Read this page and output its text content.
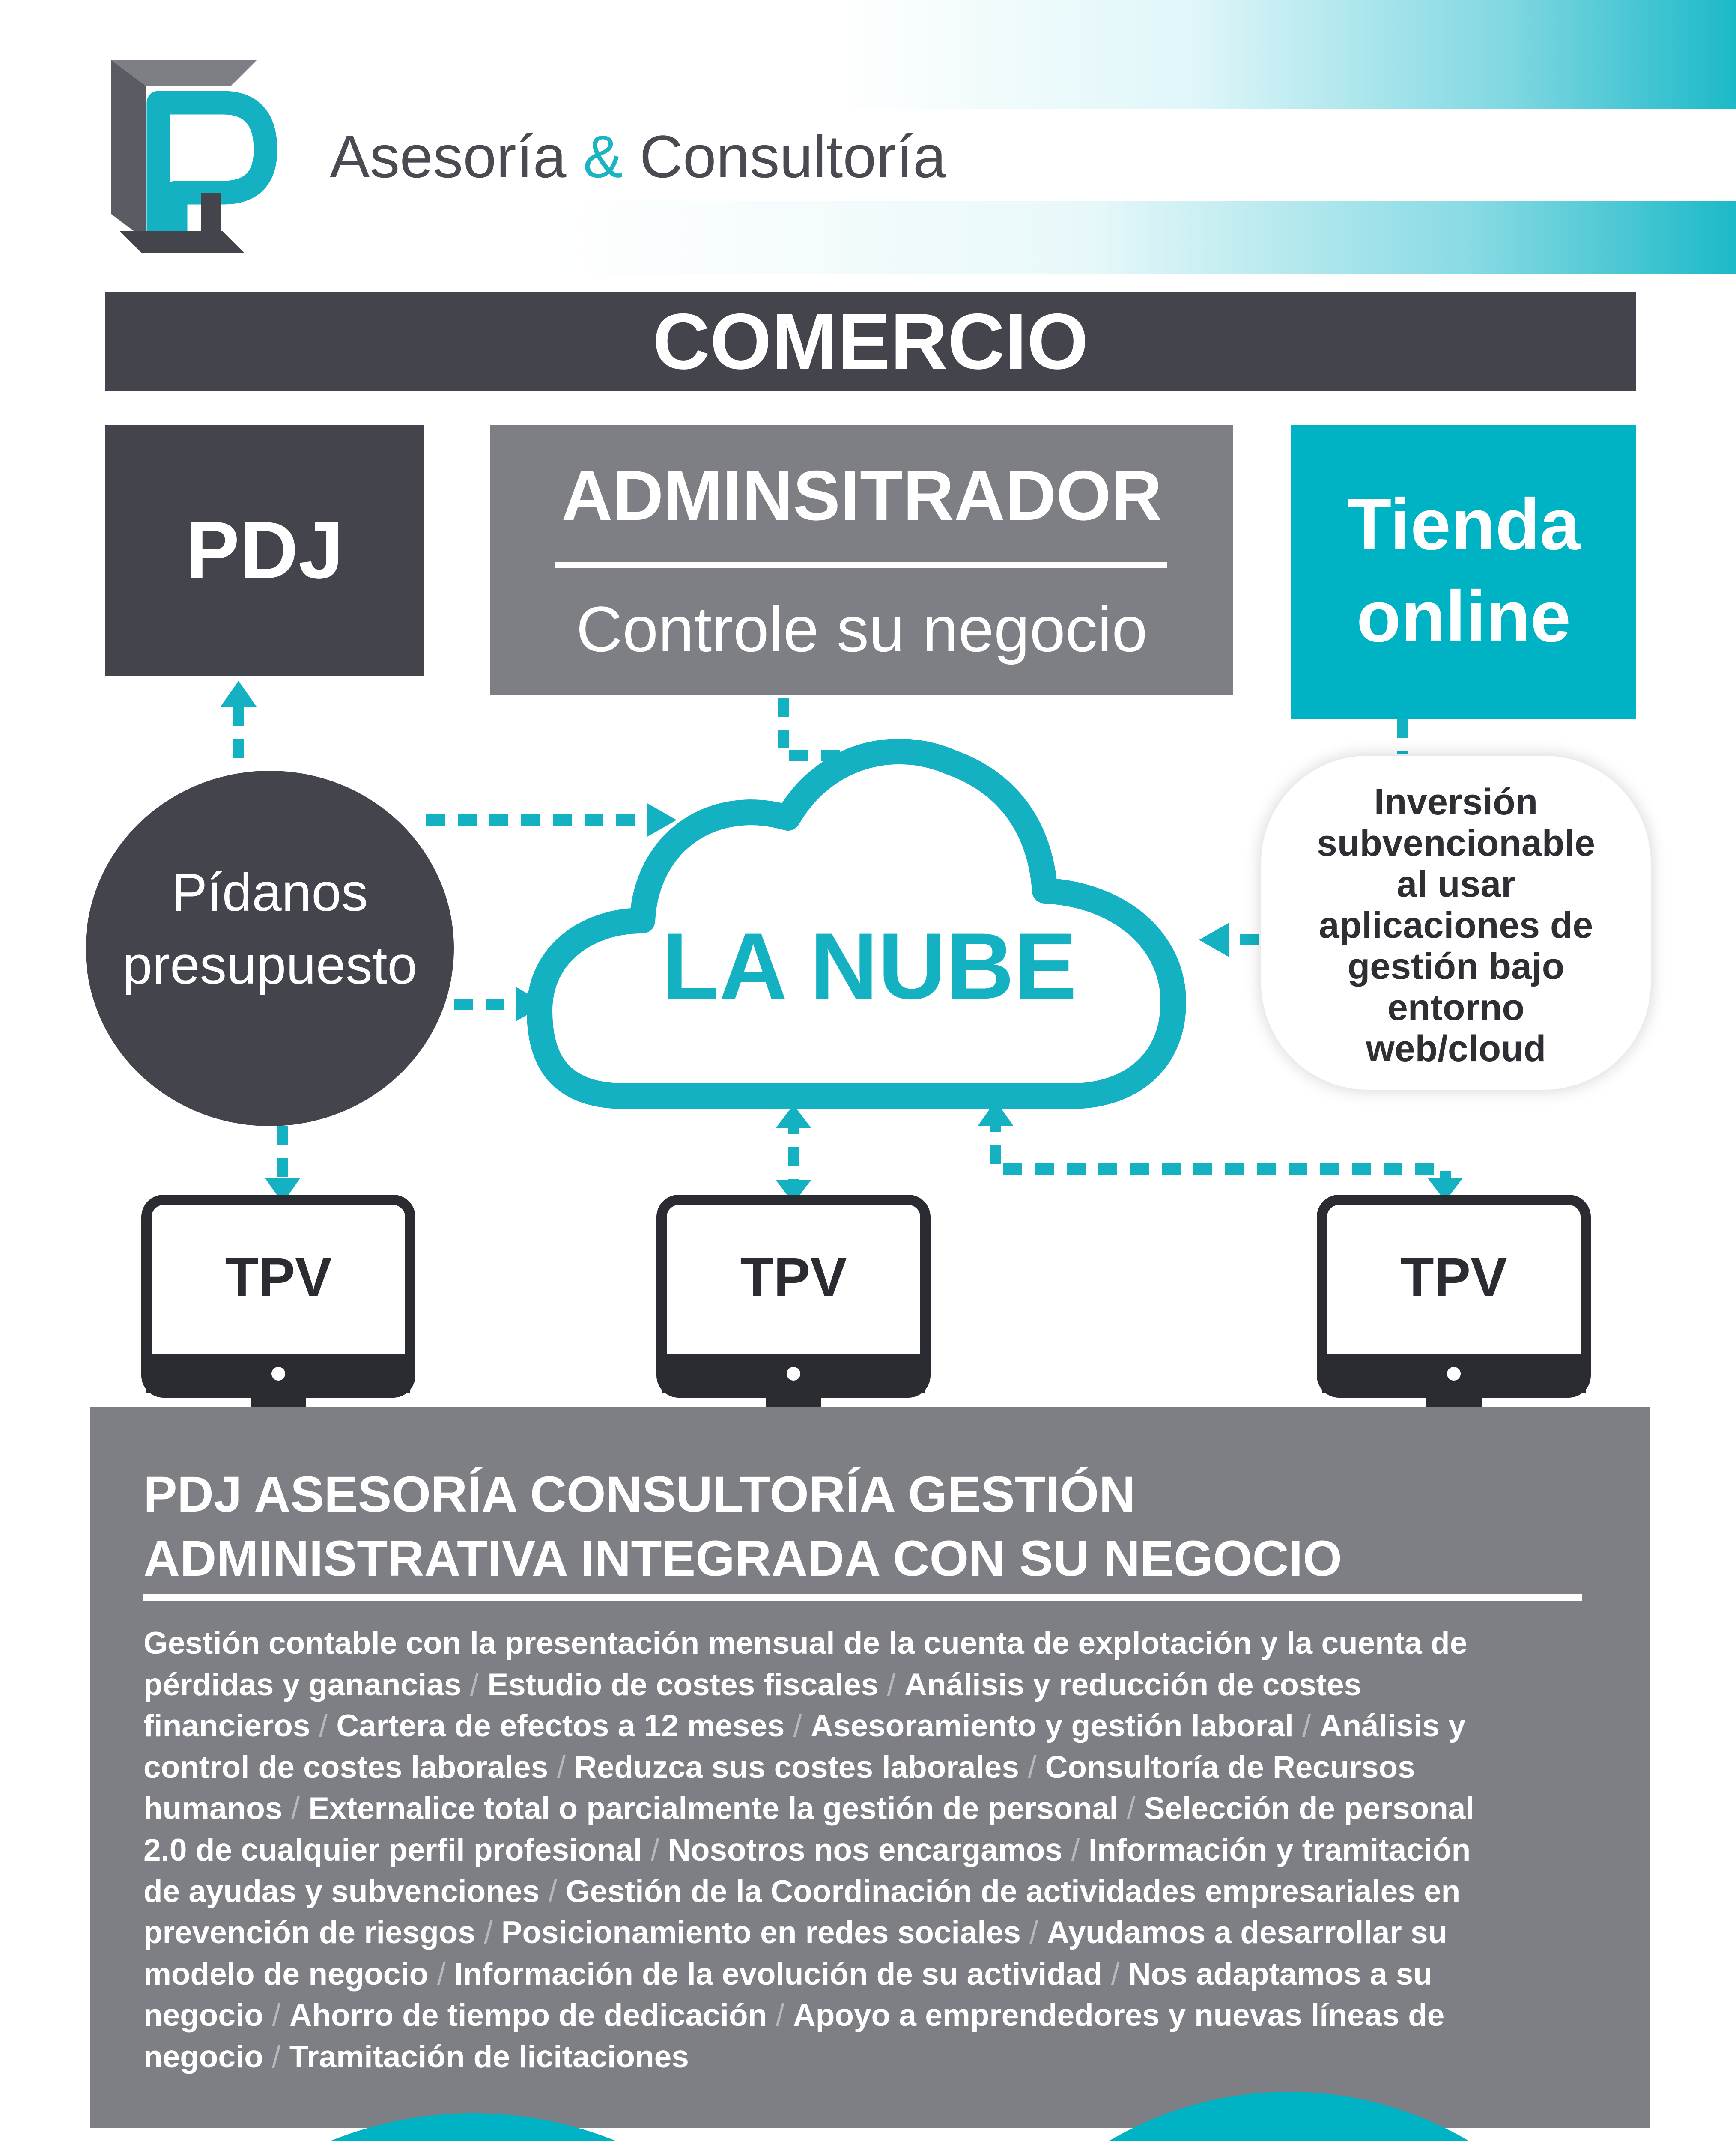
Asesoría & Consultoría
COMERCIO
PDJ
ADMINSITRADOR
Controle su negocio
Tienda
online
Pídanos
presupuesto	LA NUBE
Inversión
subvencionable
al usar
aplicaciones de
gestión bajo
entorno
web/cloud
TPV	TPV	TPV
PDJ ASESORÍA CONSULTORÍA GESTIÓN
ADMINISTRATIVA INTEGRADA CON SU NEGOCIO
Gestión contable con la presentación mensual de la cuenta de explotación y la cuenta de
pérdidas y ganancias / Estudio de costes fiscales / Análisis y reducción de costes
financieros / Cartera de efectos a 12 meses / Asesoramiento y gestión laboral / Análisis y
control de costes laborales / Reduzca sus costes laborales / Consultoría de Recursos
humanos / Externalice total o parcialmente la gestión de personal / Selección de personal
2.0 de cualquier perfil profesional / Nosotros nos encargamos / Información y tramitación
de ayudas y subvenciones / Gestión de la Coordinación de actividades empresariales en
prevención de riesgos / Posicionamiento en redes sociales / Ayudamos a desarrollar su
modelo de negocio / Información de la evolución de su actividad / Nos adaptamos a su
negocio / Ahorro de tiempo de dedicación / Apoyo a emprendedores y nuevas líneas de
negocio / Tramitación de licitaciones
